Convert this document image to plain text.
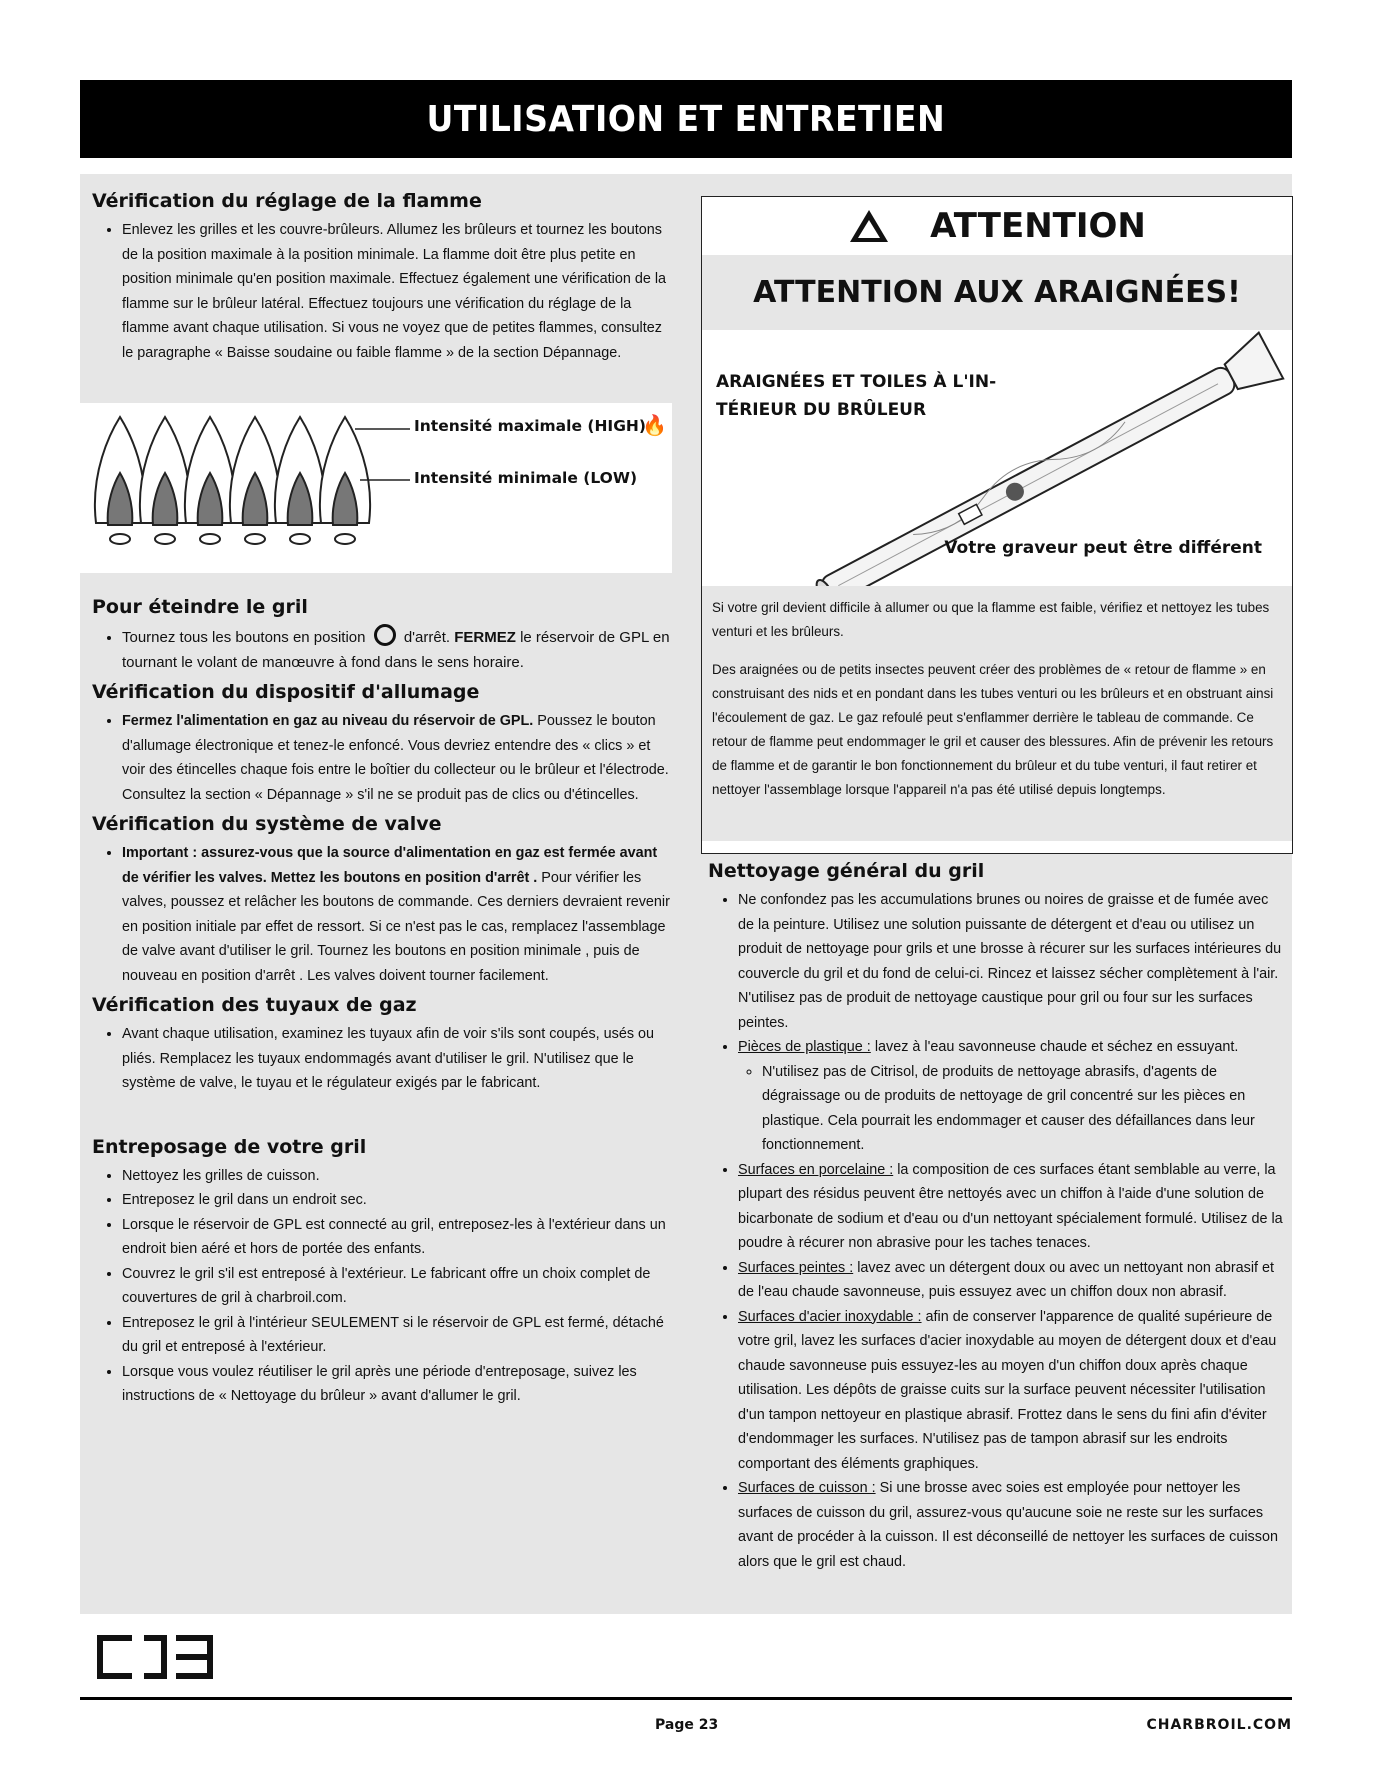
UTILISATION ET ENTRETIEN
Vérification du réglage de la flamme
• Enlevez les grilles et les couvre-brûleurs. Allumez les brûleurs et tournez les boutons de la position maximale à la position minimale. La flamme doit être plus petite en position minimale qu'en position maximale. Effectuez également une vérification de la flamme sur le brûleur latéral. Effectuez toujours une vérification du réglage de la flamme avant chaque utilisation. Si vous ne voyez que de petites flammes, consultez le paragraphe « Baisse soudaine ou faible flamme » de la section Dépannage.
Intensité maximale (HIGH)
🔥
Intensité minimale (LOW)
Pour éteindre le gril
• Tournez tous les boutons en position	d'arrêt. FERMEZ le réservoir de GPL en tournant le volant de manœuvre à fond dans le sens horaire.
Vérification du dispositif d'allumage
• Fermez l'alimentation en gaz au niveau du réservoir de GPL. Poussez le bouton d'allumage électronique et tenez-le enfoncé. Vous devriez entendre des « clics » et voir des étincelles chaque fois entre le boîtier du collecteur ou le brûleur et l'électrode. Consultez la section « Dépannage » s'il ne se produit pas de clics ou d'étincelles.
Vérification du système de valve
• Important : assurez-vous que la source d'alimentation en gaz est fermée avant de vérifier les valves. Mettez les boutons en position d'arrêt . Pour vérifier les valves, poussez et relâcher les boutons de commande. Ces derniers devraient revenir en position initiale par effet de ressort. Si ce n'est pas le cas, remplacez l'assemblage de valve avant d'utiliser le gril. Tournez les boutons en position minimale , puis de nouveau en position d'arrêt . Les valves doivent tourner facilement.
Vérification des tuyaux de gaz
• Avant chaque utilisation, examinez les tuyaux afin de voir s'ils sont coupés, usés ou pliés. Remplacez les tuyaux endommagés avant d'utiliser le gril. N'utilisez que le système de valve, le tuyau et le régulateur exigés par le fabricant.
Entreposage de votre gril
• Nettoyez les grilles de cuisson.
• Entreposez le gril dans un endroit sec.
• Lorsque le réservoir de GPL est connecté au gril, entreposez-les à l'extérieur dans un endroit bien aéré et hors de portée des enfants.
• Couvrez le gril s'il est entreposé à l'extérieur. Le fabricant offre un choix complet de couvertures de gril à charbroil.com.
• Entreposez le gril à l'intérieur SEULEMENT si le réservoir de GPL est fermé, détaché du gril et entreposé à l'extérieur.
• Lorsque vous voulez réutiliser le gril après une période d'entreposage, suivez les instructions de « Nettoyage du brûleur » avant d'allumer le gril.
ATTENTION
ATTENTION AUX ARAIGNÉES!
ARAIGNÉES ET TOILES À L'IN-
TÉRIEUR DU BRÛLEUR
Votre graveur peut être différent

Si votre gril devient difficile à allumer ou que la flamme est faible, vérifiez et nettoyez les tubes venturi et les brûleurs.

Des araignées ou de petits insectes peuvent créer des problèmes de « retour de flamme » en construisant des nids et en pondant dans les tubes venturi ou les brûleurs et en obstruant ainsi l'écoulement de gaz. Le gaz refoulé peut s'enflammer derrière le tableau de commande. Ce retour de flamme peut endommager le gril et causer des blessures. Afin de prévenir les retours de flamme et de garantir le bon fonctionnement du brûleur et du tube venturi, il faut retirer et nettoyer l'assemblage lorsque l'appareil n'a pas été utilisé depuis longtemps.

Nettoyage général du gril
• Ne confondez pas les accumulations brunes ou noires de graisse et de fumée avec de la peinture. Utilisez une solution puissante de détergent et d'eau ou utilisez un produit de nettoyage pour grils et une brosse à récurer sur les surfaces intérieures du couvercle du gril et du fond de celui-ci. Rincez et laissez sécher complètement à l'air. N'utilisez pas de produit de nettoyage caustique pour gril ou four sur les surfaces peintes.
• Pièces de plastique : lavez à l'eau savonneuse chaude et séchez en essuyant.
◦ N'utilisez pas de Citrisol, de produits de nettoyage abrasifs, d'agents de dégraissage ou de produits de nettoyage de gril concentré sur les pièces en plastique. Cela pourrait les endommager et causer des défaillances dans leur fonctionnement.
• Surfaces en porcelaine : la composition de ces surfaces étant semblable au verre, la plupart des résidus peuvent être nettoyés avec un chiffon à l'aide d'une solution de bicarbonate de sodium et d'eau ou d'un nettoyant spécialement formulé. Utilisez de la poudre à récurer non abrasive pour les taches tenaces.
• Surfaces peintes : lavez avec un détergent doux ou avec un nettoyant non abrasif et de l'eau chaude savonneuse, puis essuyez avec un chiffon doux non abrasif.
• Surfaces d'acier inoxydable : afin de conserver l'apparence de qualité supérieure de votre gril, lavez les surfaces d'acier inoxydable au moyen de détergent doux et d'eau chaude savonneuse puis essuyez-les au moyen d'un chiffon doux après chaque utilisation. Les dépôts de graisse cuits sur la surface peuvent nécessiter l'utilisation d'un tampon nettoyeur en plastique abrasif. Frottez dans le sens du fini afin d'éviter d'endommager les surfaces. N'utilisez pas de tampon abrasif sur les endroits comportant des éléments graphiques.
• Surfaces de cuisson : Si une brosse avec soies est employée pour nettoyer les surfaces de cuisson du gril, assurez-vous qu'aucune soie ne reste sur les surfaces avant de procéder à la cuisson. Il est déconseillé de nettoyer les surfaces de cuisson alors que le gril est chaud.
Page 23	CHARBROIL.COM
